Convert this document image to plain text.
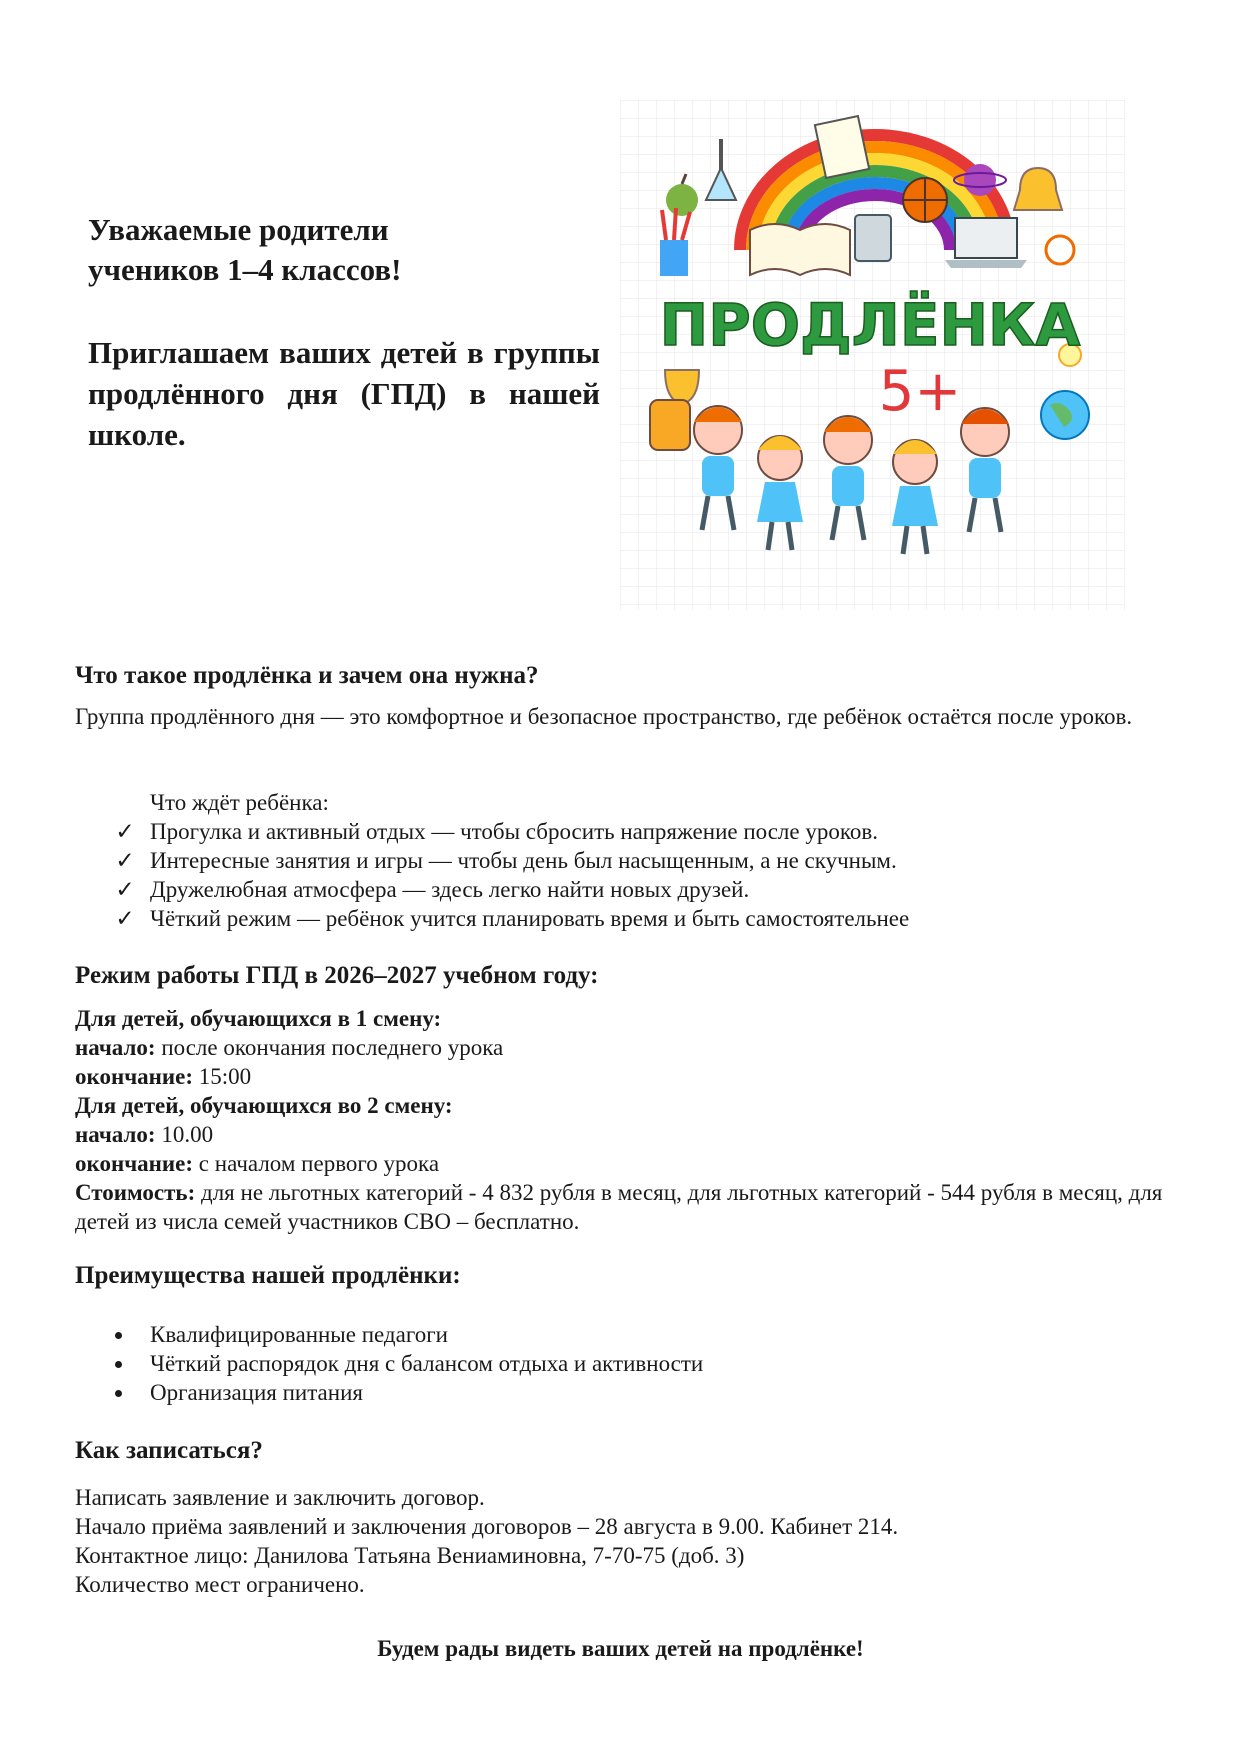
Уважаемые родители
учеников 1–4 классов!
Приглашаем ваших детей в группы продлённого дня (ГПД) в нашей школе.
ПРОДЛЁНКА
5+
Что такое продлёнка и зачем она нужна?
Группа продлённого дня — это комфортное и безопасное пространство, где ребёнок остаётся после уроков.
Что ждёт ребёнка:
✓ Прогулка и активный отдых — чтобы сбросить напряжение после уроков.
✓ Интересные занятия и игры — чтобы день был насыщенным, а не скучным.
✓ Дружелюбная атмосфера — здесь легко найти новых друзей.
✓ Чёткий режим — ребёнок учится планировать время и быть самостоятельнее
Режим работы ГПД в 2026–2027 учебном году:
Для детей, обучающихся в 1 смену:
начало: после окончания последнего урока
окончание: 15:00
Для детей, обучающихся во 2 смену:
начало: 10.00
окончание: с началом первого урока
Стоимость: для не льготных категорий - 4 832 рубля в месяц, для льготных категорий - 544 рубля в месяц, для детей из числа семей участников СВО – бесплатно.
Преимущества нашей продлёнки:
Квалифицированные педагоги
Чёткий распорядок дня с балансом отдыха и активности
Организация питания
Как записаться?
Написать заявление и заключить договор.
Начало приёма заявлений и заключения договоров – 28 августа в 9.00. Кабинет 214.
Контактное лицо: Данилова Татьяна Вениаминовна, 7-70-75 (доб. 3)
Количество мест ограничено.
Будем рады видеть ваших детей на продлёнке!
